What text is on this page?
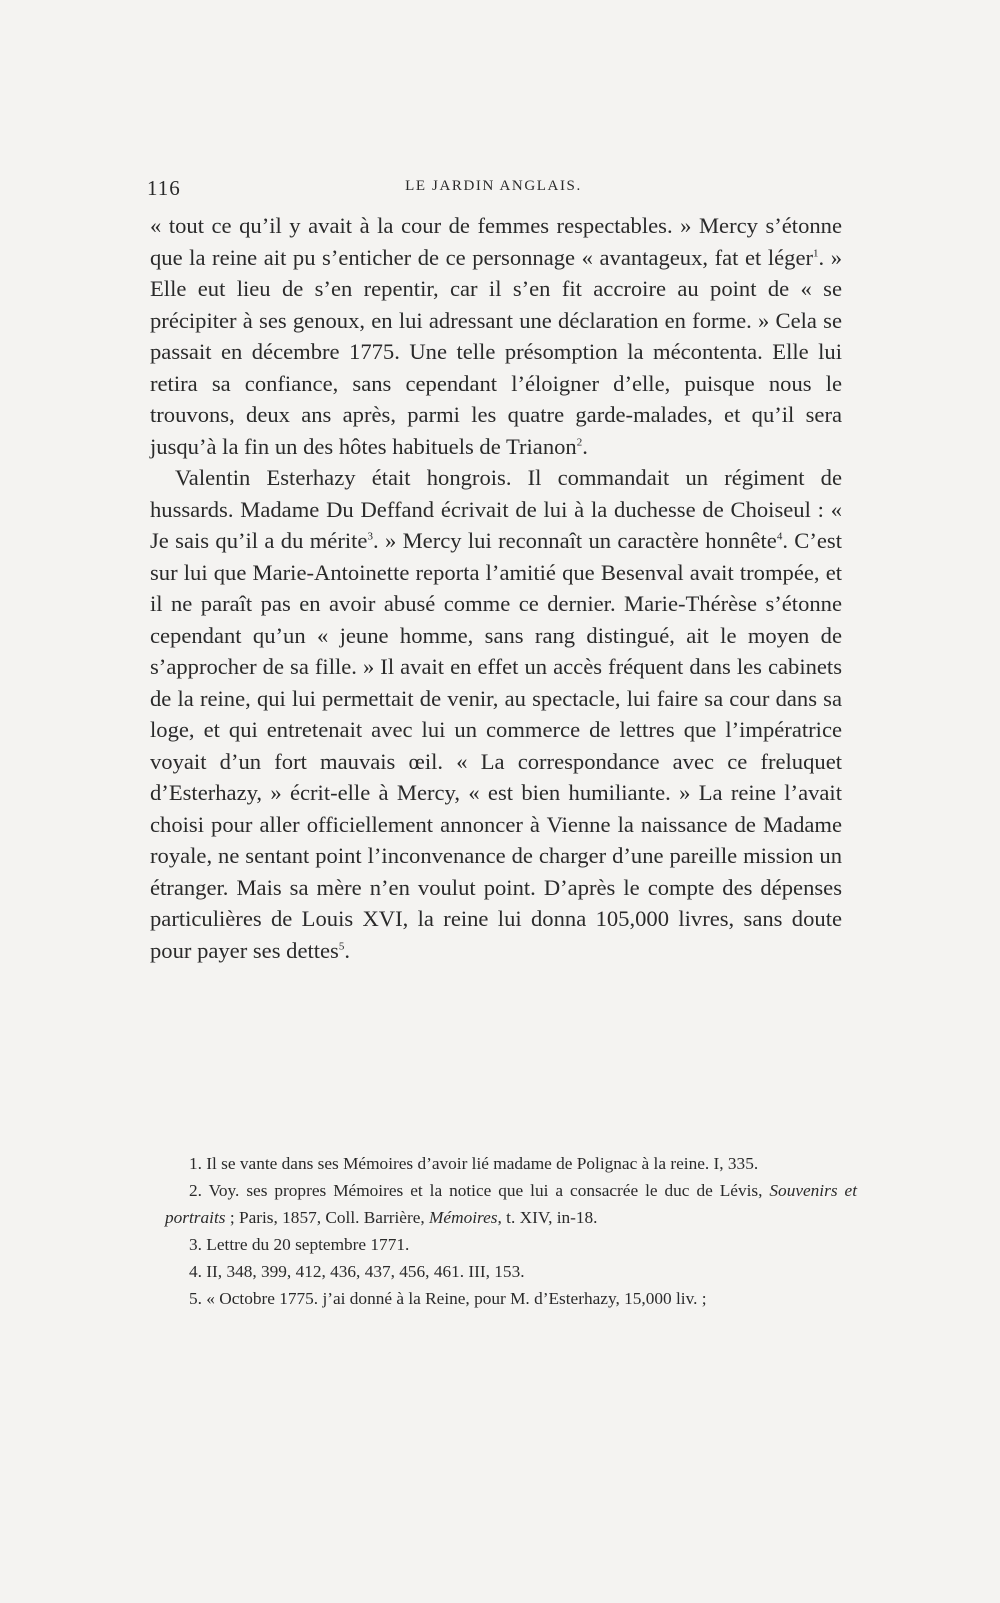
116	LE JARDIN ANGLAIS.

« tout ce qu’il y avait à la cour de femmes respectables. » Mercy s’étonne que la reine ait pu s’enticher de ce personnage « avantageux, fat et léger$^1$. » Elle eut lieu de s’en repentir, car il s’en fit accroire au point de « se précipiter à ses genoux, en lui adressant une déclaration en forme. » Cela se passait en décembre 1775. Une telle présomption la mécontenta. Elle lui retira sa confiance, sans cependant l’éloigner d’elle, puisque nous le trouvons, deux ans après, parmi les quatre garde-malades, et qu’il sera jusqu’à la fin un des hôtes habituels de Trianon$^2$.

Valentin Esterhazy était hongrois. Il commandait un régiment de hussards. Madame Du Deffand écrivait de lui à la duchesse de Choiseul : « Je sais qu’il a du mérite$^3$. » Mercy lui reconnaît un caractère honnête$^4$. C’est sur lui que Marie-Antoinette reporta l’amitié que Besenval avait trompée, et il ne paraît pas en avoir abusé comme ce dernier. Marie-Thérèse s’étonne cependant qu’un « jeune homme, sans rang distingué, ait le moyen de s’approcher de sa fille. » Il avait en effet un accès fréquent dans les cabinets de la reine, qui lui permettait de venir, au spectacle, lui faire sa cour dans sa loge, et qui entretenait avec lui un commerce de lettres que l’impératrice voyait d’un fort mauvais œil. « La correspondance avec ce freluquet d’Esterhazy, » écrit-elle à Mercy, « est bien humiliante. » La reine l’avait choisi pour aller officiellement annoncer à Vienne la naissance de Madame royale, ne sentant point l’inconvenance de charger d’une pareille mission un étranger. Mais sa mère n’en voulut point. D’après le compte des dépenses particulières de Louis XVI, la reine lui donna 105,000 livres, sans doute pour payer ses dettes$^5$.

1. Il se vante dans ses Mémoires d’avoir lié madame de Polignac à la reine. I, 335.

2. Voy. ses propres Mémoires et la notice que lui a consacrée le duc de Lévis, Souvenirs et portraits ; Paris, 1857, Coll. Barrière, Mémoires, t. XIV, in-18.

3. Lettre du 20 septembre 1771.

4. II, 348, 399, 412, 436, 437, 456, 461. III, 153.

5. « Octobre 1775. j’ai donné à la Reine, pour M. d’Esterhazy, 15,000 liv. ;
